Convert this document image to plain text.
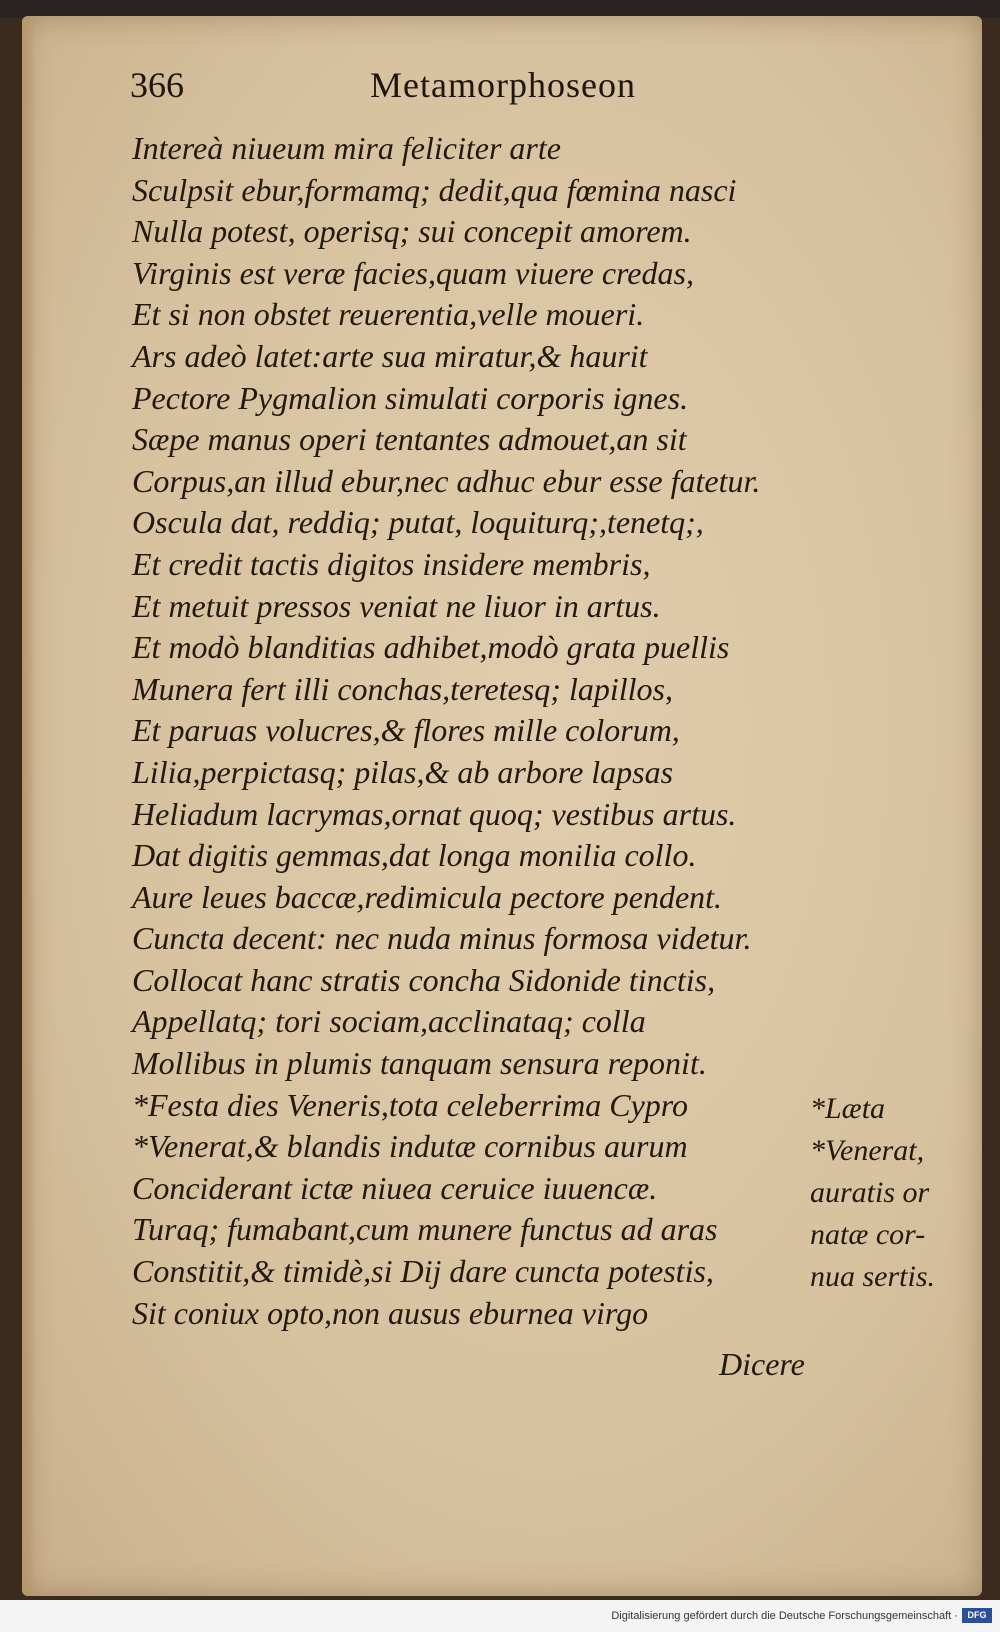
366	Metamorphoseon
Intereà niueum mira feliciter arte
Sculpsit ebur,formamq; dedit,qua fœmina nasci
Nulla potest, operisq; sui concepit amorem.
Virginis est veræ facies,quam viuere credas,
Et si non obstet reuerentia,velle moueri.
Ars adeò latet:arte sua miratur,& haurit
Pectore Pygmalion simulati corporis ignes.
Sæpe manus operi tentantes admouet,an sit
Corpus,an illud ebur,nec adhuc ebur esse fatetur.
Oscula dat, reddiq; putat, loquiturq;,tenetq;,
Et credit tactis digitos insidere membris,
Et metuit pressos veniat ne liuor in artus.
Et modò blanditias adhibet,modò grata puellis
Munera fert illi conchas,teretesq; lapillos,
Et paruas volucres,& flores mille colorum,
Lilia,perpictasq; pilas,& ab arbore lapsas
Heliadum lacrymas,ornat quoq; vestibus artus.
Dat digitis gemmas,dat longa monilia collo.
Aure leues baccæ,redimicula pectore pendent.
Cuncta decent: nec nuda minus formosa videtur.
Collocat hanc stratis concha Sidonide tinctis,
Appellatq; tori sociam,acclinataq; colla
Mollibus in plumis tanquam sensura reponit.
*Festa dies Veneris,tota celeberrima Cypro
*Venerat,& blandis indutæ cornibus aurum
Conciderant ictæ niuea ceruice iuuencæ.
Turaq; fumabant,cum munere functus ad aras
Constitit,& timidè,si Dij dare cuncta potestis,
Sit coniux opto,non ausus eburnea virgo
*Læta
*Venerat,
auratis or
natæ cor-
nua sertis.
Dicere
Digitalisierung gefördert durch die Deutsche Forschungsgemeinschaft ·	DFG
